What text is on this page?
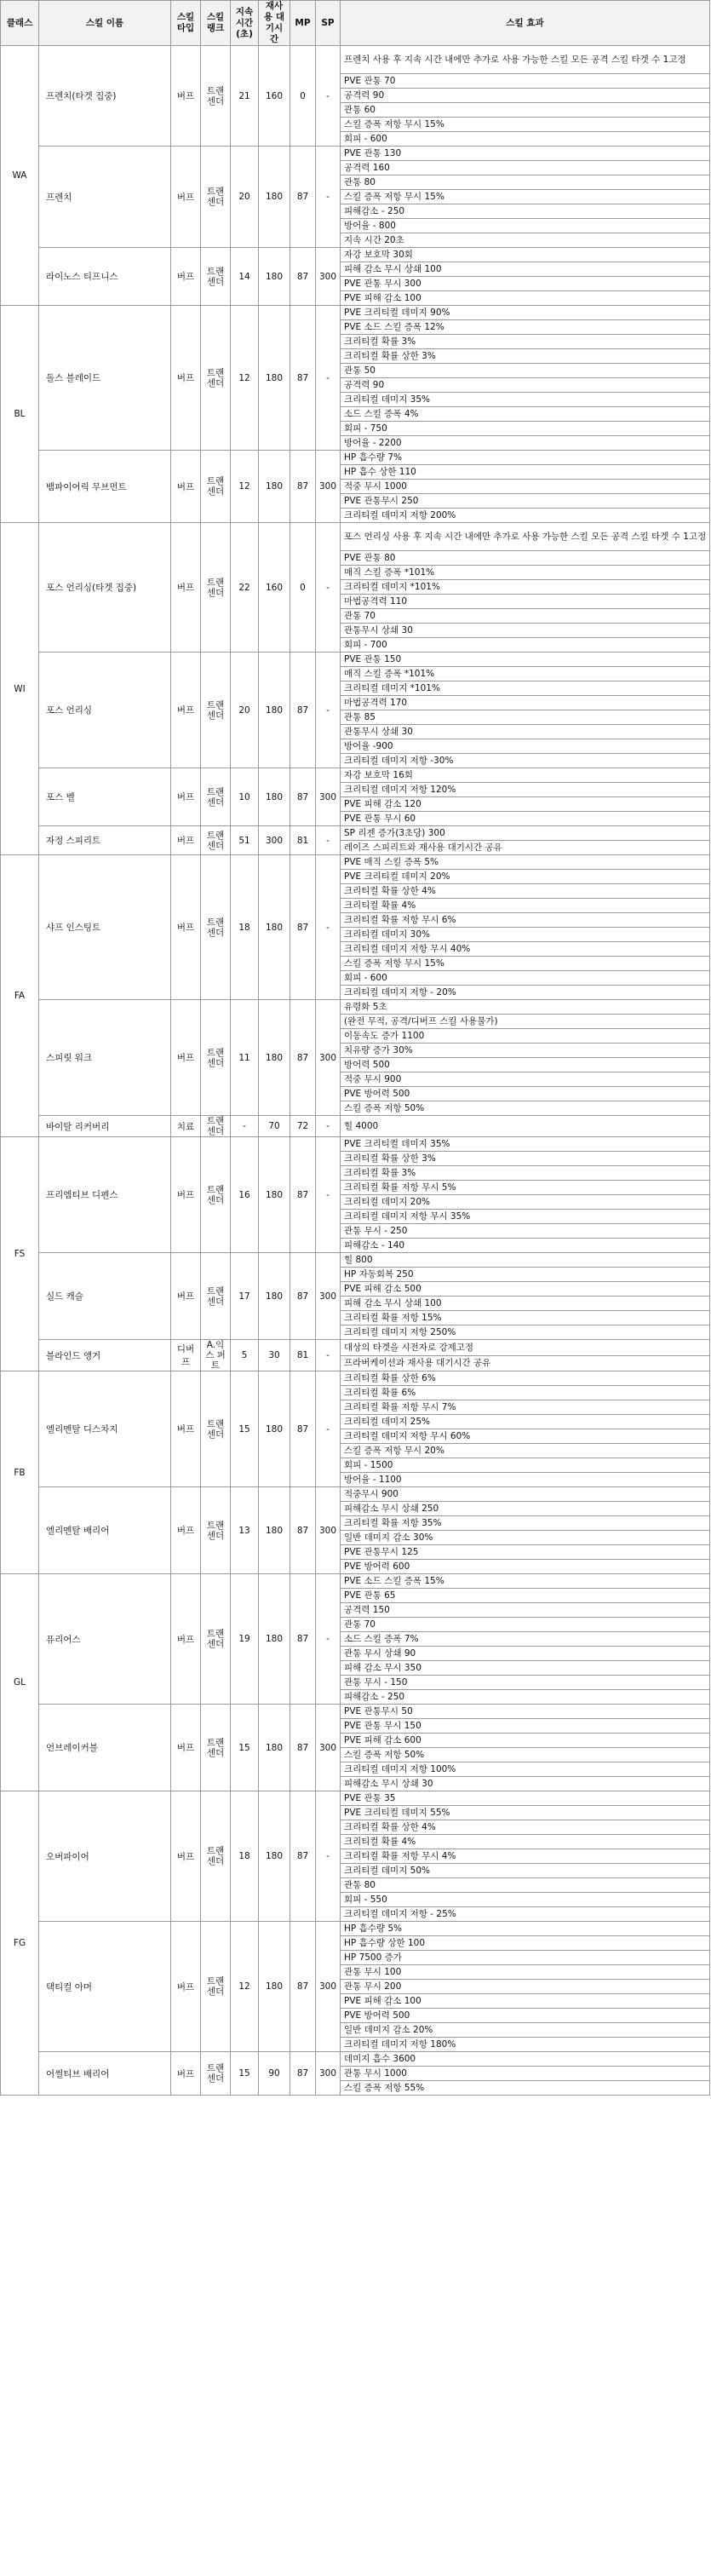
클래스	스킬 이름	스킬 타입	스킬 랭크	지속시간 (초)	재사용 대기시간	MP	SP	스킬 효과
WA	프렌치(타겟 집중)	버프	트랜 센더	21	160	0	-	프렌치 사용 후 지속 시간 내에만 추가로 사용 가능한 스킬 모든 공격 스킬 타겟 수 1고정
								PVE 관통 70
								공격력 90
								관통 60
								스킬 증폭 저항 무시 15%
								회피 - 600
	프렌치	버프	트랜 센더	20	180	87	-	PVE 관통 130
								공격력 160
								관통 80
								스킬 증폭 저항 무시 15%
								피해감소 - 250
								방어율 - 800
								지속 시간 20초
	라이노스 티프니스	버프	트랜 센더	14	180	87	300	자강 보호막 30회
								피해 감소 무시 상쇄 100
								PVE 관통 무시 300
								PVE 피해 감소 100
BL	돌스 블레이드	버프	트랜 센더	12	180	87	-	PVE 크리티컬 데미지 90%
								PVE 소드 스킬 증폭 12%
								크리티컬 확률 3%
								크리티컬 확률 상한 3%
								관통 50
								공격력 90
								크리티컬 데미지 35%
								소드 스킬 증폭 4%
								회피 - 750
								방어율 - 2200
	뱀파이어릭 무브먼트	버프	트랜 센더	12	180	87	300	HP 흡수량 7%
								HP 흡수 상한 110
								적중 무시 1000
								PVE 관통무시 250
								크리티컬 데미지 저항 200%
WI	포스 언리싱(타겟 집중)	버프	트랜 센더	22	160	0	-	포스 언리싱 사용 후 지속 시간 내에만 추가로 사용 가능한 스킬 모든 공격 스킬 타겟 수 1고정
								PVE 관통 80
								매직 스킬 증폭 *101%
								크리티컬 데미지 *101%
								마법공격력 110
								관통 70
								관통무시 상쇄 30
								회피 - 700
	포스 언리싱	버프	트랜 센더	20	180	87	-	PVE 관통 150
								매직 스킬 증폭 *101%
								크리티컬 데미지 *101%
								마법공격력 170
								관통 85
								관통무시 상쇄 30
								방어율 -900
								크리티컬 데미지 저항 -30%
	포스 벨	버프	트랜 센더	10	180	87	300	자강 보호막 16회
								크리티컬 데미지 저항 120%
								PVE 피해 감소 120
								PVE 관통 무시 60
	자정 스피리트	버프	트랜 센더	51	300	81	-	SP 리젠 증가(3초당) 300
								레이즈 스피리트와 재사용 대기시간 공유
FA	샤프 인스팅트	버프	트랜 센더	18	180	87	-	PVE 매직 스킬 증폭 5%
								PVE 크리티컬 데미지 20%
								크리티컬 확률 상한 4%
								크리티컬 확률 4%
								크리티컬 확률 저항 무시 6%
								크리티컬 데미지 30%
								크리티컬 데미지 저항 무시 40%
								스킬 증폭 저항 무시 15%
								회피 - 600
								크리티컬 데미지 저항 - 20%
	스피릿 워크	버프	트랜 센더	11	180	87	300	유령화 5초
								(완전 무적, 공격/디버프 스킬 사용불가)
								이동속도 증가 1100
								치유량 증가 30%
								방어력 500
								적중 무시 900
								PVE 방어력 500
								스킬 증폭 저항 50%
	바이탈 리커버리	치료	트랜 센더	-	70	72	-	힐 4000
FS	프리엠티브 디펜스	버프	트랜 센더	16	180	87	-	PVE 크리티컬 데미지 35%
								크리티컬 확률 상한 3%
								크리티컬 확률 3%
								크리티컬 확률 저항 무시 5%
								크리티컬 데미지 20%
								크리티컬 데미지 저항 무시 35%
								관통 무시 - 250
								피해감소 - 140
	실드 캐슬	버프	트랜 센더	17	180	87	300	힐 800
								HP 자동회복 250
								PVE 피해 감소 500
								피해 감소 무시 상쇄 100
								크리티컬 확률 저항 15%
								크리티컬 데미지 저항 250%
	블라인드 앵거	디버프	A.익스 퍼트	5	30	81	-	대상의 타겟을 시전자로 강제고정
								프라버케이션과 재사용 대기시간 공유
FB	엘리멘탈 디스차지	버프	트랜 센더	15	180	87	-	크리티컬 확률 상한 6%
								크리티컬 확률 6%
								크리티컬 확률 저항 무시 7%
								크리티컬 데미지 25%
								크리티컬 데미지 저항 무시 60%
								스킬 증폭 저항 무시 20%
								회피 - 1500
								방어율 - 1100
	엘리멘탈 배리어	버프	트랜 센더	13	180	87	300	적중무시 900
								피해감소 무시 상쇄 250
								크리티컬 확률 저항 35%
								일반 데미지 감소 30%
								PVE 관통무시 125
								PVE 방어력 600
GL	퓨리어스	버프	트랜 센더	19	180	87	-	PVE 소드 스킬 증폭 15%
								PVE 관통 65
								공격력 150
								관통 70
								소드 스킬 증폭 7%
								관통 무시 상쇄 90
								피해 감소 무시 350
								관통 무시 - 150
								피해감소 - 250
	언브레이커블	버프	트랜 센더	15	180	87	300	PVE 관통무시 50
								PVE 관통 무시 150
								PVE 피해 감소 600
								스킬 증폭 저항 50%
								크리티컬 데미지 저항 100%
								피해감소 무시 상쇄 30
FG	오버파이어	버프	트랜 센더	18	180	87	-	PVE 관통 35
								PVE 크리티컬 데미지 55%
								크리티컬 확률 상한 4%
								크리티컬 확률 4%
								크리티컬 확률 저항 무시 4%
								크리티컬 데미지 50%
								관통 80
								회피 - 550
								크리티컬 데미지 저항 - 25%
	택티컬 아머	버프	트랜 센더	12	180	87	300	HP 흡수량 5%
								HP 흡수량 상한 100
								HP 7500 증가
								관통 무시 100
								관통 무시 200
								PVE 피해 감소 100
								PVE 방어력 500
								일반 데미지 감소 20%
								크리티컬 데미지 저항 180%
	어썰티브 배리어	버프	트랜 센더	15	90	87	300	데미지 흡수 3600
								관통 무시 1000
								스킬 증폭 저항 55%
